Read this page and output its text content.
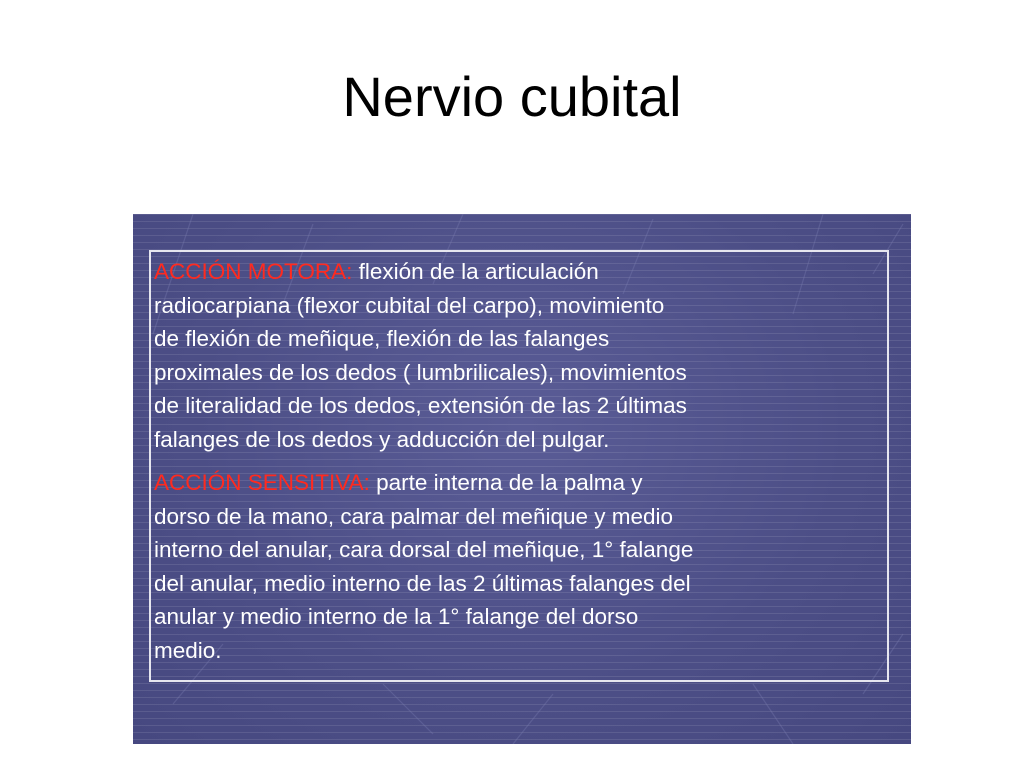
Nervio cubital

ACCIÓN MOTORA: flexión de la articulación
radiocarpiana (flexor cubital del carpo), movimiento
de flexión de meñique, flexión de las falanges
proximales de los dedos ( lumbrilicales), movimientos
de literalidad de los dedos, extensión de las 2 últimas
falanges de los dedos y adducción del pulgar.

ACCIÓN SENSITIVA: parte interna de la palma y
dorso de la mano, cara palmar del meñique y medio
interno del anular, cara dorsal del meñique, 1° falange
del anular, medio interno de las 2 últimas falanges del
anular y medio interno de la 1° falange del dorso
medio.
